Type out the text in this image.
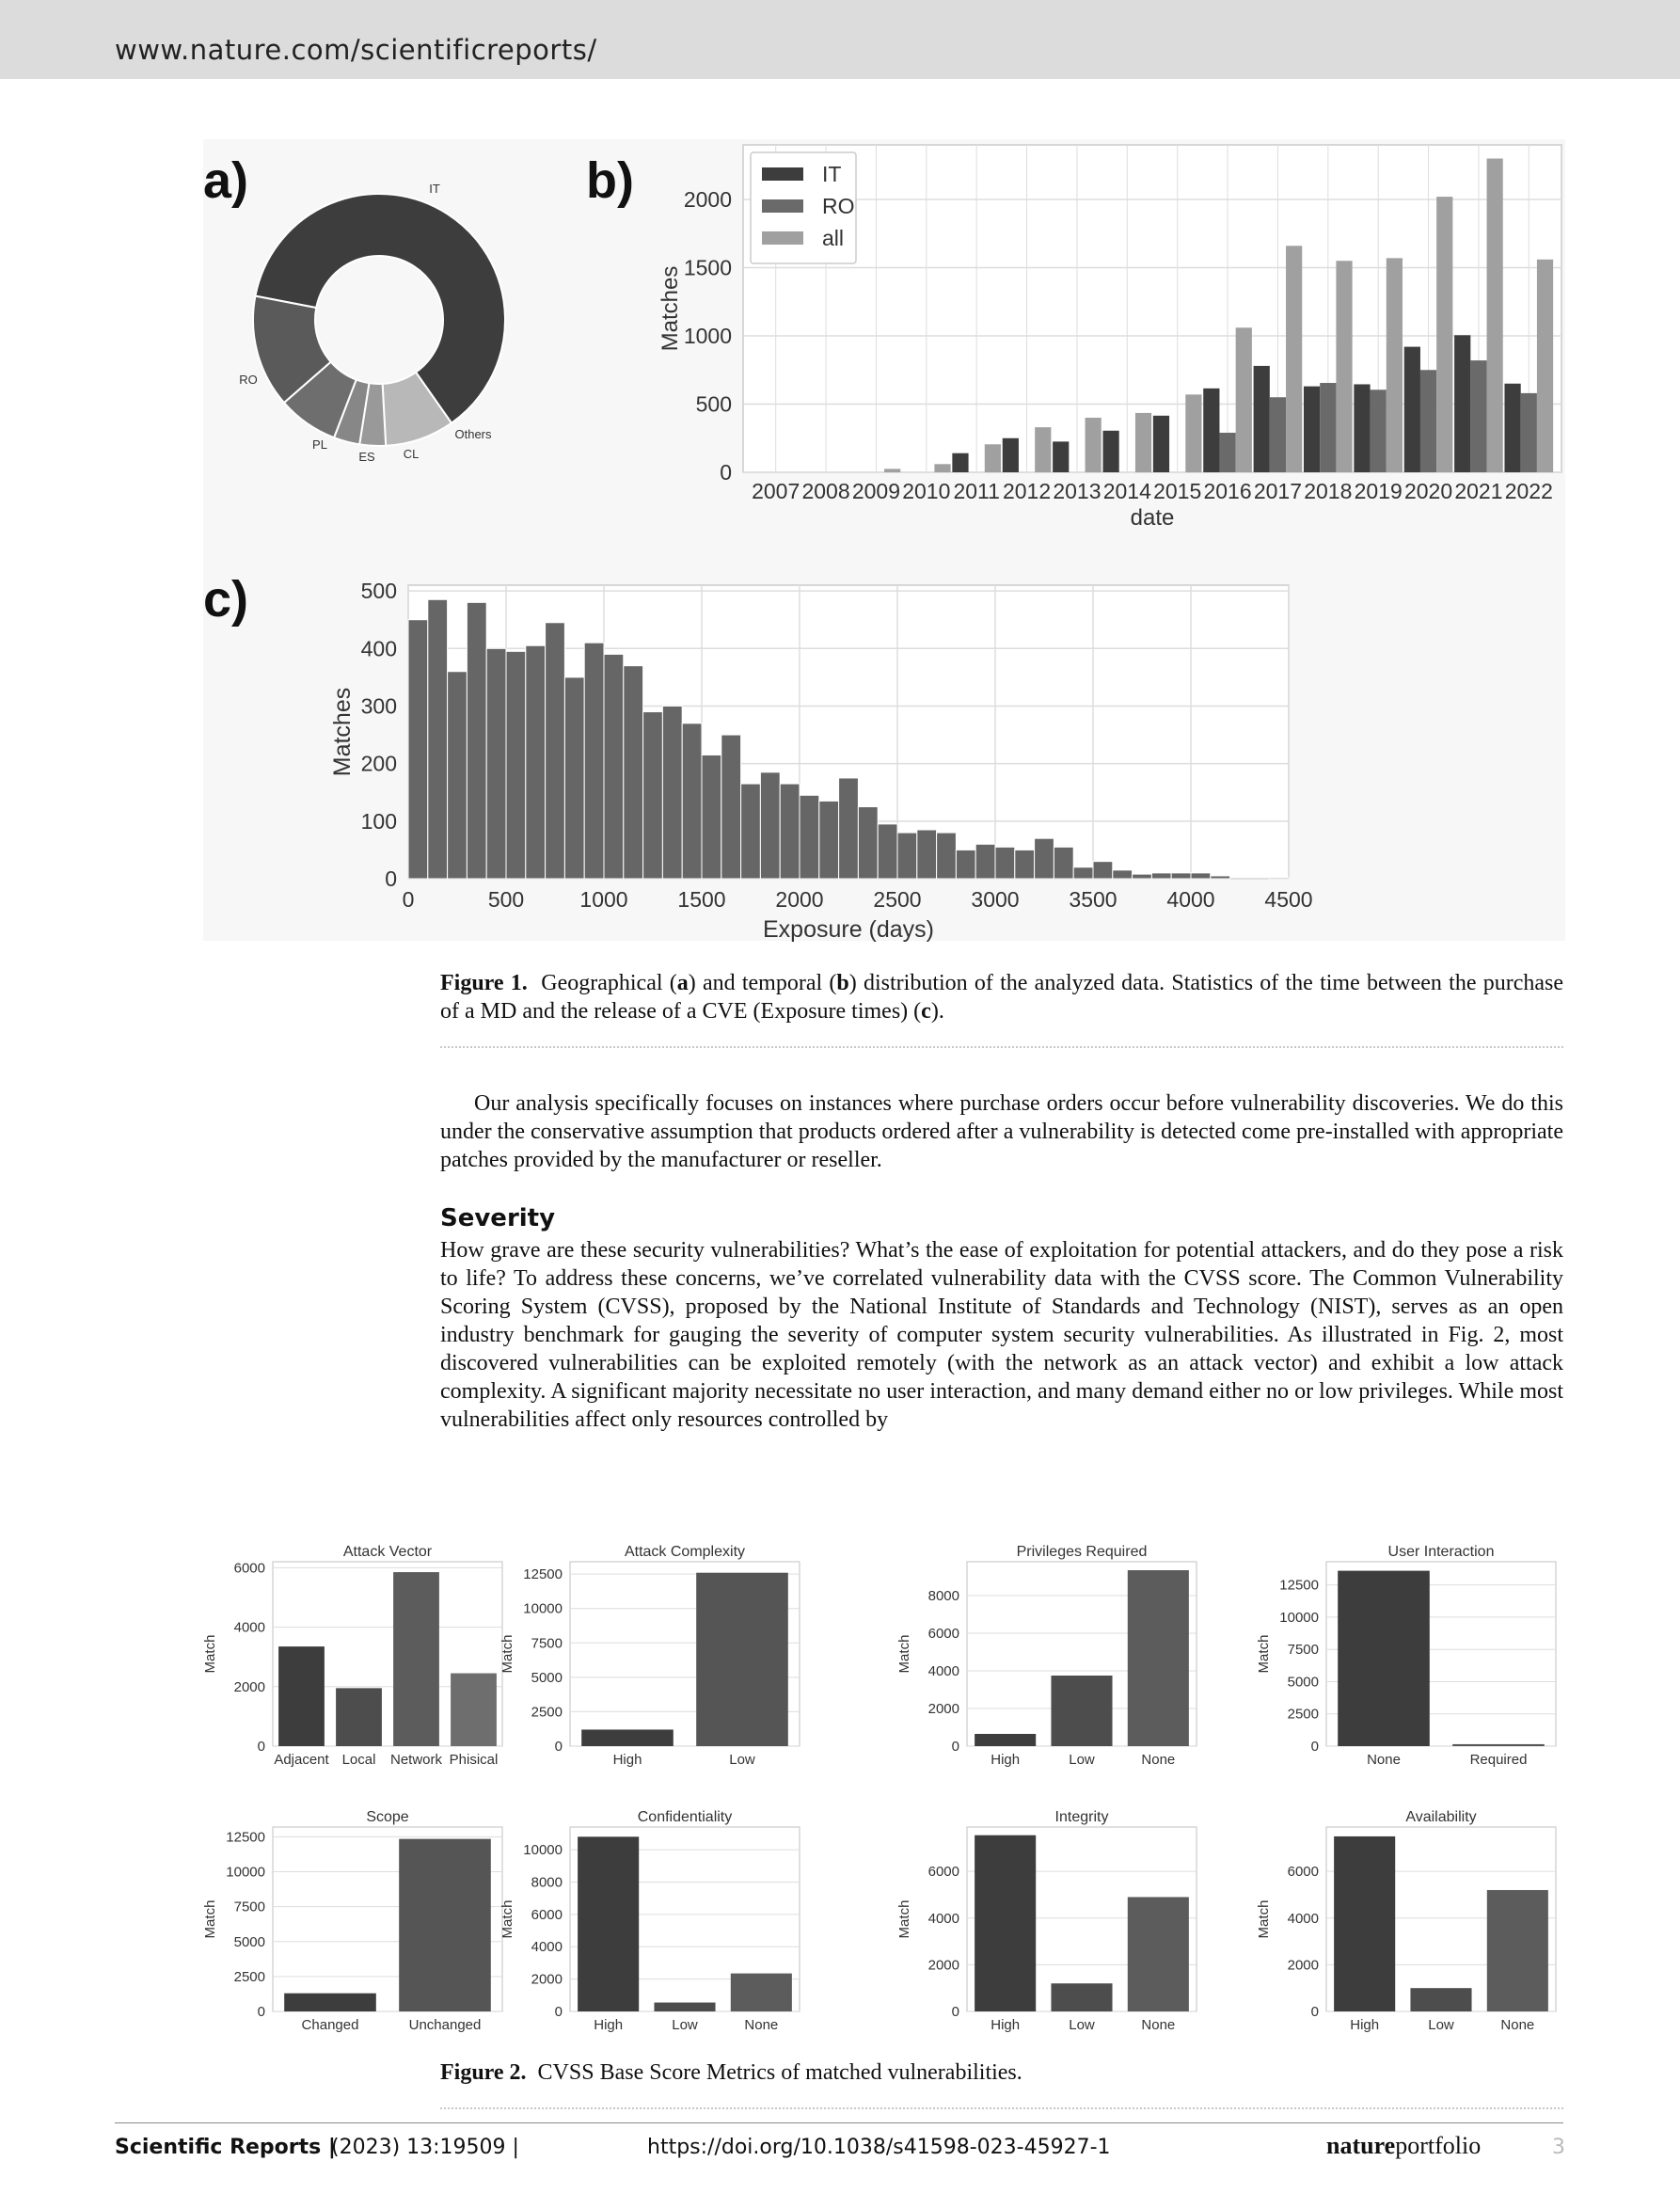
www.nature.com/scientificreports/
a)	b)
c)
IT
Others
CL
ES
PL
RO
0
500
1000
1500
2000
2007 2008 2009 2010 2011 2012 2013 2014 2015 2016 2017 2018 2019 2020 2021 2022
date
Matches
IT
RO
all
0
100
200
300
400
500
0	500	1000 1500 2000 2500 3000 3500 4000 4500
Exposure (days)
Matches
Figure 1. Geographical (a) and temporal (b) distribution of the analyzed data. Statistics of the time between the purchase of a MD and the release of a CVE (Exposure times) (c).

Our analysis specifically focuses on instances where purchase orders occur before vulnerability discoveries. We do this under the conservative assumption that products ordered after a vulnerability is detected come pre-installed with appropriate patches provided by the manufacturer or reseller.

Severity

How grave are these security vulnerabilities? What’s the ease of exploitation for potential attackers, and do they pose a risk to life? To address these concerns, we’ve correlated vulnerability data with the CVSS score. The Common Vulnerability Scoring System (CVSS), proposed by the National Institute of Standards and Technology (NIST), serves as an open industry benchmark for gauging the severity of computer system security vulnerabilities. As illustrated in Fig. 2, most discovered vulnerabilities can be exploited remotely (with the network as an attack vector) and exhibit a low attack complexity. A significant majority necessitate no user interaction, and many demand either no or low privileges. While most vulnerabilities affect only resources controlled by

0
2000
4000
6000
Adjacent Local Network Phisical
Attack Vector
Match
0
2500
5000
7500
10000
12500
High	Low
Attack Complexity
Match
0
2000
4000
6000
8000
High	Low	None
Privileges Required
Match
0
2500
5000
7500
10000
12500
None	Required
User Interaction
Match
0
2500
5000
7500
10000
12500
Changed	Unchanged
Scope
Match
0
2000
4000
6000
8000
10000
High	Low	None
Confidentiality
Match
0
2000
4000
6000
High	Low	None
Integrity
Match
0
2000
4000
6000
High	Low	None
Availability
Match
Figure 2. CVSS Base Score Metrics of matched vulnerabilities.
Scientific Reports |
(2023) 13:19509 |	https://doi.org/10.1038/s41598-023-45927-1	natureportfolio	3
